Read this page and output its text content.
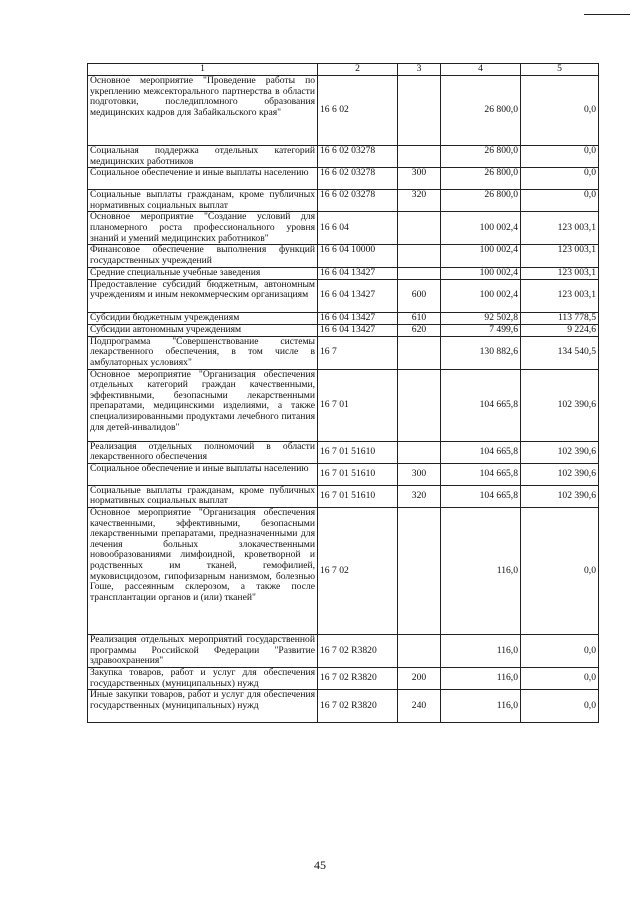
1	2	3	4	5
Основное мероприятие "Проведение работы по укреплению межсекторального партнерства в области подготовки, последипломного образования медицинских кадров для Забайкальского края"	16 6 02		26 800,0	0,0
Социальная поддержка отдельных категорий медицинских работников	16 6 02 03278		26 800,0	0,0
Социальное обеспечение и иные выплаты населению	16 6 02 03278	300	26 800,0	0,0
Социальные выплаты гражданам, кроме публичных нормативных социальных выплат	16 6 02 03278	320	26 800,0	0,0
Основное мероприятие "Создание условий для планомерного роста профессионального уровня знаний и умений медицинских работников"	16 6 04		100 002,4	123 003,1
Финансовое обеспечение выполнения функций государственных учреждений	16 6 04 10000		100 002,4	123 003,1
Средние специальные учебные заведения	16 6 04 13427		100 002,4	123 003,1
Предоставление субсидий бюджетным, автономным учреждениям и иным некоммерческим организациям	16 6 04 13427	600	100 002,4	123 003,1
Субсидии бюджетным учреждениям	16 6 04 13427	610	92 502,8	113 778,5
Субсидии автономным учреждениям	16 6 04 13427	620	7 499,6	9 224,6
Подпрограмма "Совершенствование системы лекарственного обеспечения, в том числе в амбулаторных условиях"	16 7		130 882,6	134 540,5
Основное мероприятие "Организация обеспечения отдельных категорий граждан качественными, эффективными, безопасными лекарственными препаратами, медицинскими изделиями, а также специализированными продуктами лечебного питания для детей-инвалидов"	16 7 01		104 665,8	102 390,6
Реализация отдельных полномочий в области лекарственного обеспечения	16 7 01 51610		104 665,8	102 390,6
Социальное обеспечение и иные выплаты населению	16 7 01 51610	300	104 665,8	102 390,6
Социальные выплаты гражданам, кроме публичных нормативных социальных выплат	16 7 01 51610	320	104 665,8	102 390,6
Основное мероприятие "Организация обеспечения качественными, эффективными, безопасными лекарственными препаратами, предназначенными для лечения больных злокачественными новообразованиями лимфоидной, кроветворной и родственных им тканей, гемофилией, муковисцидозом, гипофизарным нанизмом, болезнью Гоше, рассеянным склерозом, а также после трансплантации органов и (или) тканей"	16 7 02		116,0	0,0
Реализация отдельных мероприятий государственной программы Российской Федерации "Развитие здравоохранения"	16 7 02 R3820		116,0	0,0
Закупка товаров, работ и услуг для обеспечения государственных (муниципальных) нужд	16 7 02 R3820	200	116,0	0,0
Иные закупки товаров, работ и услуг для обеспечения государственных (муниципальных) нужд	16 7 02 R3820	240	116,0	0,0
45
